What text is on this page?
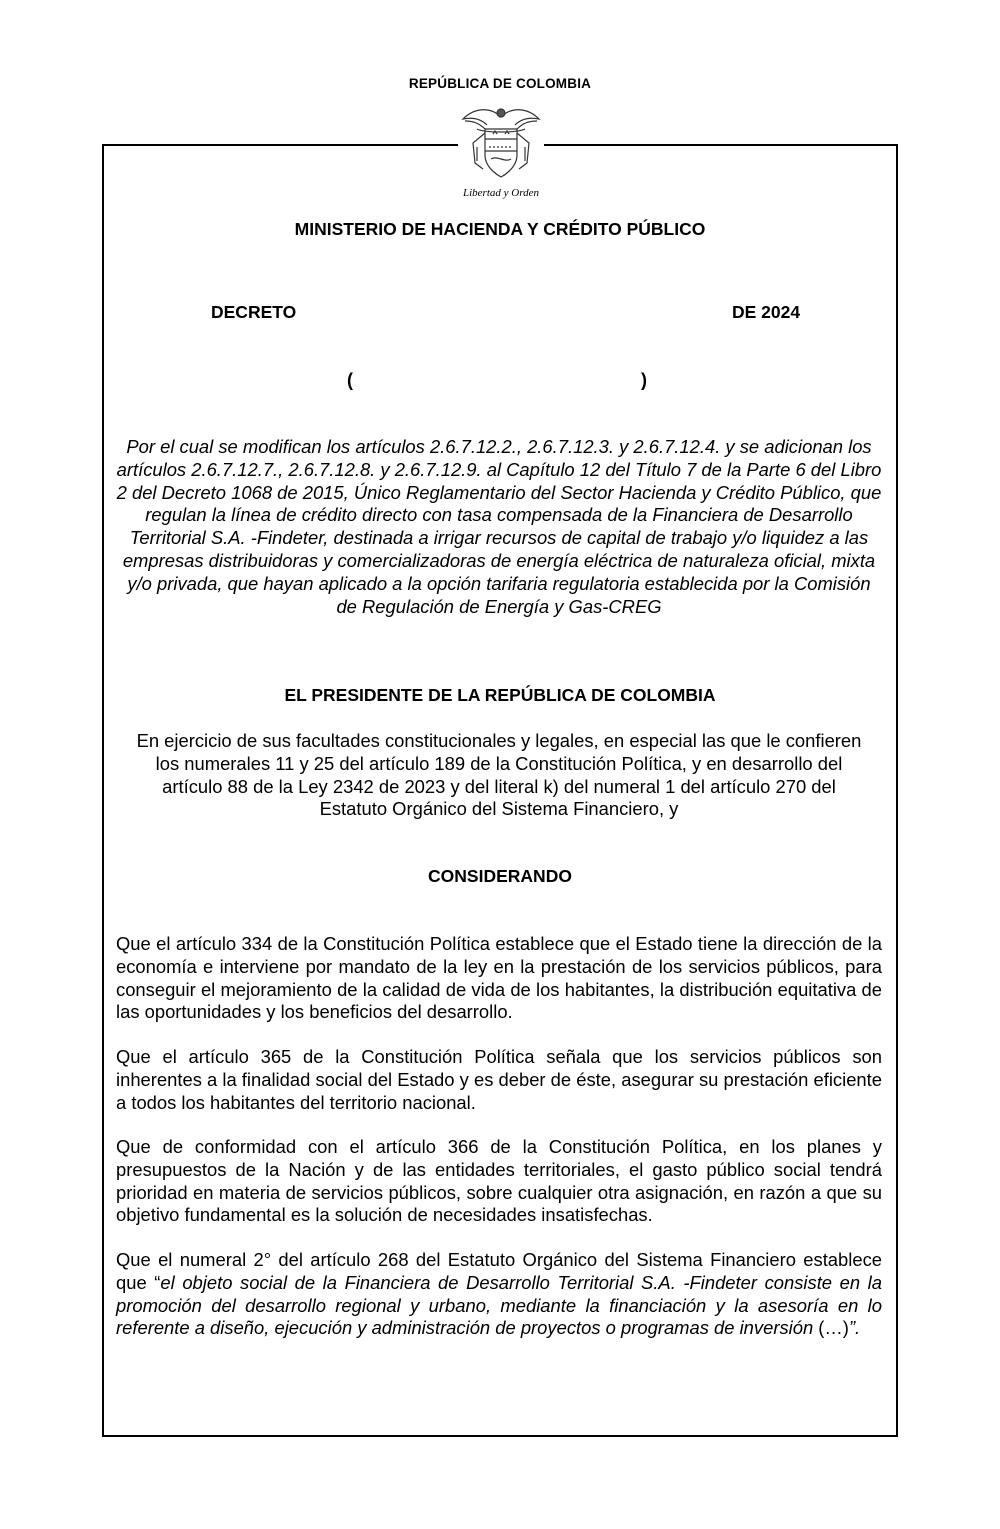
REPÚBLICA DE COLOMBIA
Libertad y Orden
MINISTERIO DE HACIENDA Y CRÉDITO PÚBLICO
DECRETO	DE 2024
(	)
Por el cual se modifican los artículos 2.6.7.12.2., 2.6.7.12.3. y 2.6.7.12.4. y se adicionan los artículos 2.6.7.12.7., 2.6.7.12.8. y 2.6.7.12.9. al Capítulo 12 del Título 7 de la Parte 6 del Libro 2 del Decreto 1068 de 2015, Único Reglamentario del Sector Hacienda y Crédito Público, que regulan la línea de crédito directo con tasa compensada de la Financiera de Desarrollo Territorial S.A. -Findeter, destinada a irrigar recursos de capital de trabajo y/o liquidez a las empresas distribuidoras y comercializadoras de energía eléctrica de naturaleza oficial, mixta y/o privada, que hayan aplicado a la opción tarifaria regulatoria establecida por la Comisión de Regulación de Energía y Gas-CREG
EL PRESIDENTE DE LA REPÚBLICA DE COLOMBIA
En ejercicio de sus facultades constitucionales y legales, en especial las que le confieren los numerales 11 y 25 del artículo 189 de la Constitución Política, y en desarrollo del artículo 88 de la Ley 2342 de 2023 y del literal k) del numeral 1 del artículo 270 del Estatuto Orgánico del Sistema Financiero, y
CONSIDERANDO
Que el artículo 334 de la Constitución Política establece que el Estado tiene la dirección de la economía e interviene por mandato de la ley en la prestación de los servicios públicos, para conseguir el mejoramiento de la calidad de vida de los habitantes, la distribución equitativa de las oportunidades y los beneficios del desarrollo.
Que el artículo 365 de la Constitución Política señala que los servicios públicos son inherentes a la finalidad social del Estado y es deber de éste, asegurar su prestación eficiente a todos los habitantes del territorio nacional.
Que de conformidad con el artículo 366 de la Constitución Política, en los planes y presupuestos de la Nación y de las entidades territoriales, el gasto público social tendrá prioridad en materia de servicios públicos, sobre cualquier otra asignación, en razón a que su objetivo fundamental es la solución de necesidades insatisfechas.
Que el numeral 2° del artículo 268 del Estatuto Orgánico del Sistema Financiero establece que “el objeto social de la Financiera de Desarrollo Territorial S.A. -Findeter consiste en la promoción del desarrollo regional y urbano, mediante la financiación y la asesoría en lo referente a diseño, ejecución y administración de proyectos o programas de inversión (…)”.
